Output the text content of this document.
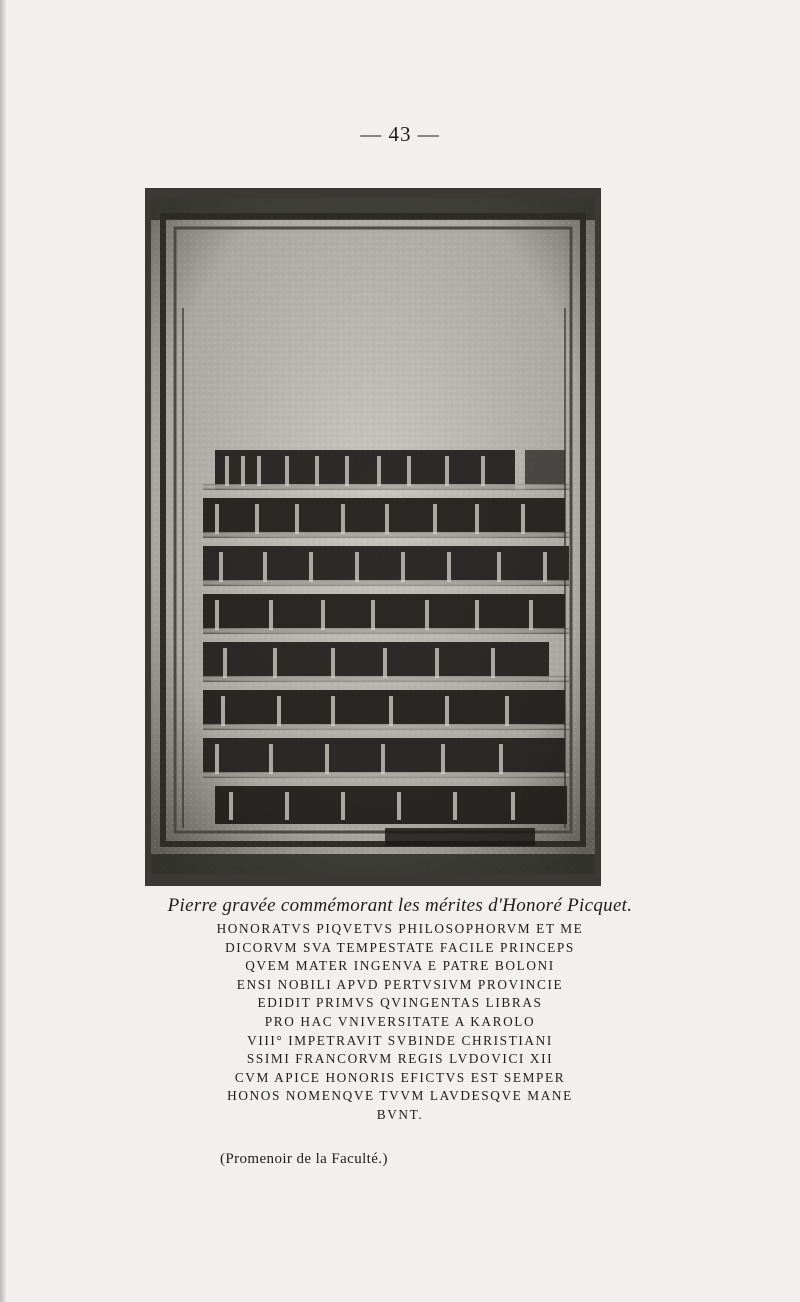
— 43 —
Pierre gravée commémorant les mérites d'Honoré Picquet.
HONORATVS PIQVETVS PHILOSOPHORVM ET ME
DICORVM SVA TEMPESTATE FACILE PRINCEPS
QVEM MATER INGENVA E PATRE BOLONI
ENSI NOBILI APVD PERTVSIVM PROVINCIE
EDIDIT PRIMVS QVINGENTAS LIBRAS
PRO HAC VNIVERSITATE A KAROLO
VIII° IMPETRAVIT SVBINDE CHRISTIANI
SSIMI FRANCORVM REGIS LVDOVICI XII
CVM APICE HONORIS EFICTVS EST SEMPER
HONOS NOMENQVE TVVM LAVDESQVE MANE
BVNT.
(Promenoir de la Faculté.)
